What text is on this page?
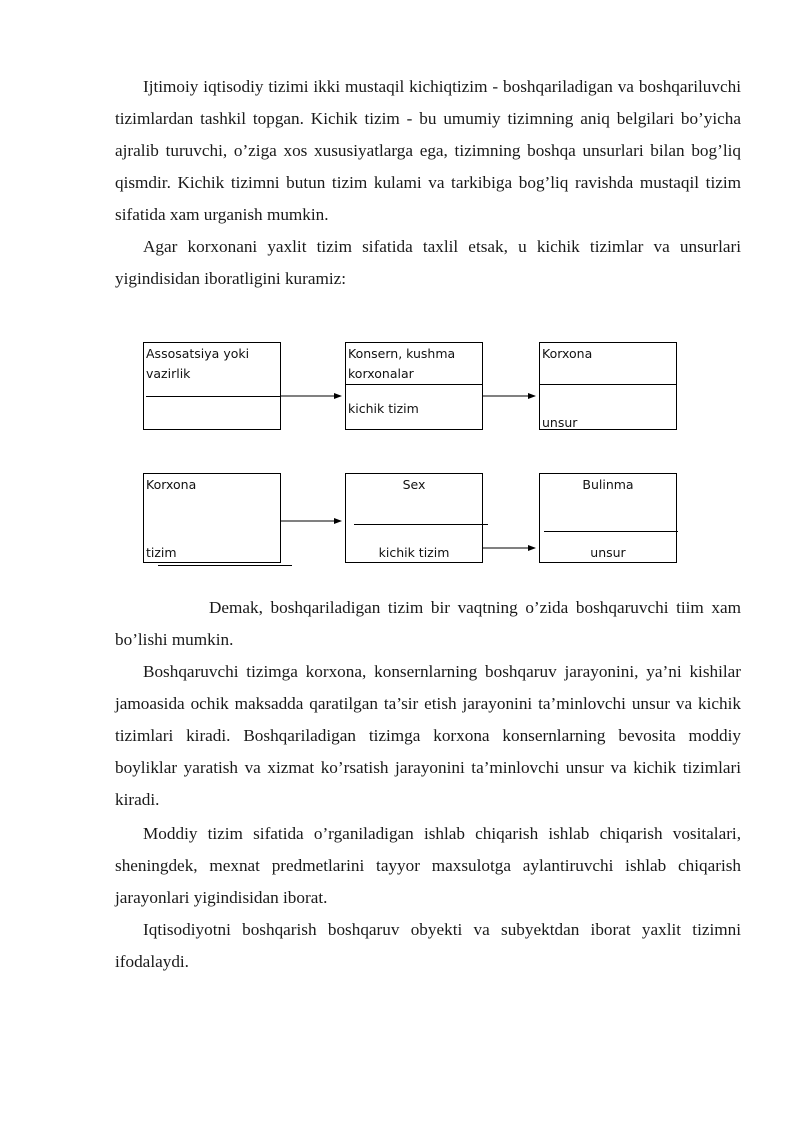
Ijtimoiy iqtisodiy tizimi ikki mustaqil kichiqtizim - boshqariladigan va boshqariluvchi tizimlardan tashkil topgan. Kichik tizim - bu umumiy tizimning aniq belgilari bo’yicha ajralib turuvchi, o’ziga xos xususiyatlarga ega, tizimning boshqa unsurlari bilan bog’liq qismdir. Kichik tizimni butun tizim kulami va tarkibiga bog’liq ravishda mustaqil tizim sifatida xam urganish mumkin.

Agar korxonani yaxlit tizim sifatida taxlil etsak, u kichik tizimlar va unsurlari yigindisidan iboratligini kuramiz:

Assosatsiya yoki
vazirlik
Konsern, kushma
korxonalar
kichik tizim
Korxona
unsur
Korxona
tizim
Sex
kichik tizim
Bulinma
unsur

Demak, boshqariladigan tizim bir vaqtning o’zida boshqaruvchi tiim xam bo’lishi mumkin.

Boshqaruvchi tizimga korxona, konsernlarning boshqaruv jarayonini, ya’ni kishilar jamoasida ochik maksadda qaratilgan ta’sir etish jarayonini ta’minlovchi unsur va kichik tizimlari kiradi. Boshqariladigan tizimga korxona konsernlarning bevosita moddiy boyliklar yaratish va xizmat ko’rsatish jarayonini ta’minlovchi unsur va kichik tizimlari kiradi.

Moddiy tizim sifatida o’rganiladigan ishlab chiqarish ishlab chiqarish vositalari, sheningdek, mexnat predmetlarini tayyor maxsulotga aylantiruvchi ishlab chiqarish jarayonlari yigindisidan iborat.

Iqtisodiyotni boshqarish boshqaruv obyekti va subyektdan iborat yaxlit tizimni ifodalaydi.
